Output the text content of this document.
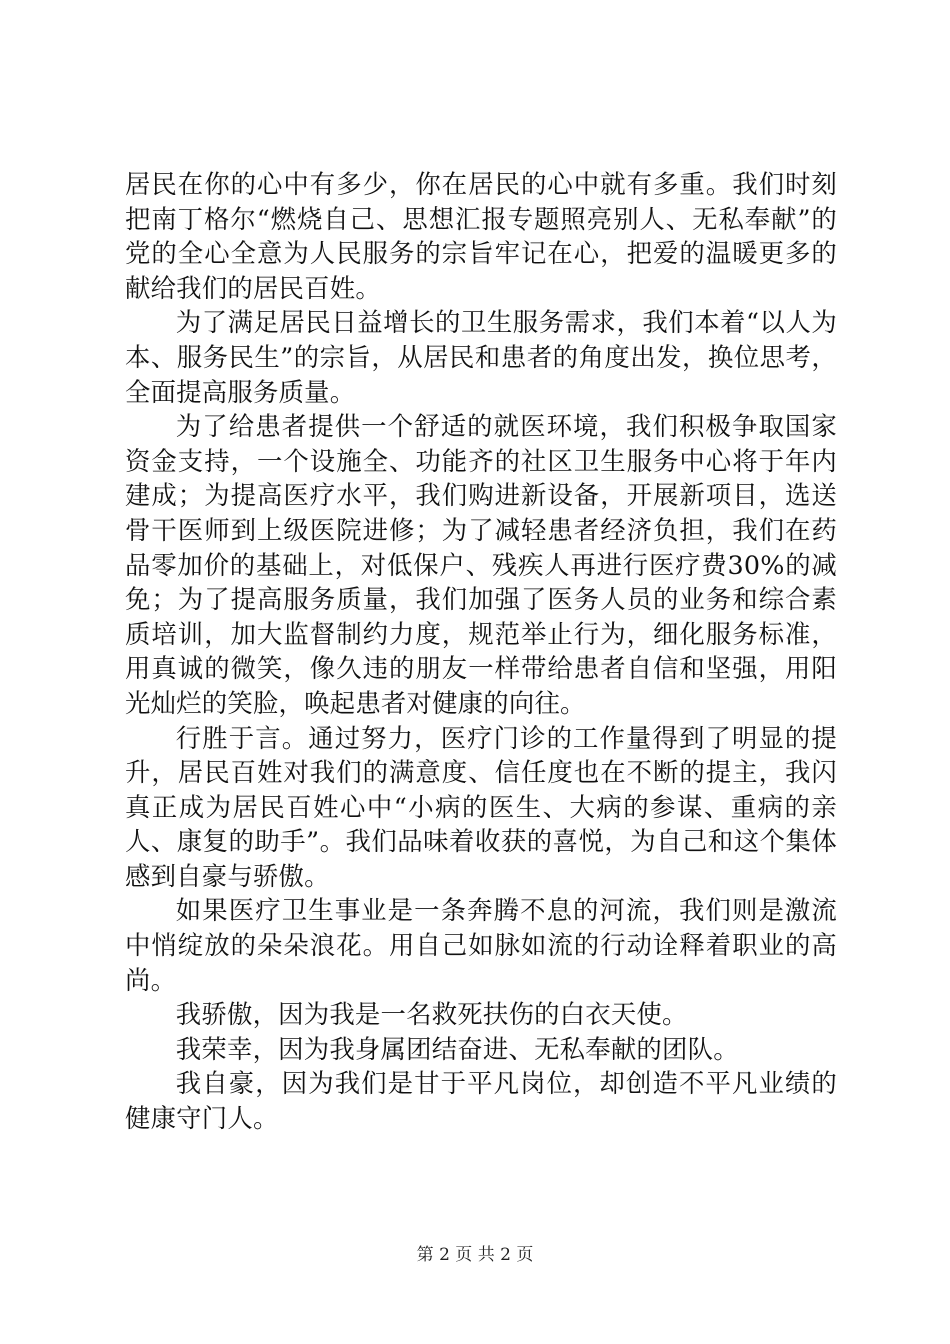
居民在你的心中有多少，你在居民的心中就有多重。我们时刻把南丁格尔“燃烧自己、思想汇报专题照亮别人、无私奉献”的党的全心全意为人民服务的宗旨牢记在心，把爱的温暖更多的献给我们的居民百姓。

为了满足居民日益增长的卫生服务需求，我们本着“以人为本、服务民生”的宗旨，从居民和患者的角度出发，换位思考，全面提高服务质量。

为了给患者提供一个舒适的就医环境，我们积极争取国家资金支持，一个设施全、功能齐的社区卫生服务中心将于年内建成；为提高医疗水平，我们购进新设备，开展新项目，选送骨干医师到上级医院进修；为了减轻患者经济负担，我们在药品零加价的基础上，对低保户、残疾人再进行医疗费30%的减免；为了提高服务质量，我们加强了医务人员的业务和综合素质培训，加大监督制约力度，规范举止行为，细化服务标准，用真诚的微笑，像久违的朋友一样带给患者自信和坚强，用阳光灿烂的笑脸，唤起患者对健康的向往。

行胜于言。通过努力，医疗门诊的工作量得到了明显的提升，居民百姓对我们的满意度、信任度也在不断的提主，我闪真正成为居民百姓心中“小病的医生、大病的参谋、重病的亲人、康复的助手”。我们品味着收获的喜悦，为自己和这个集体感到自豪与骄傲。

如果医疗卫生事业是一条奔腾不息的河流，我们则是激流中悄绽放的朵朵浪花。用自己如脉如流的行动诠释着职业的高尚。

我骄傲，因为我是一名救死扶伤的白衣天使。

我荣幸，因为我身属团结奋进、无私奉献的团队。

我自豪，因为我们是甘于平凡岗位，却创造不平凡业绩的健康守门人。

第 2 页 共 2 页
